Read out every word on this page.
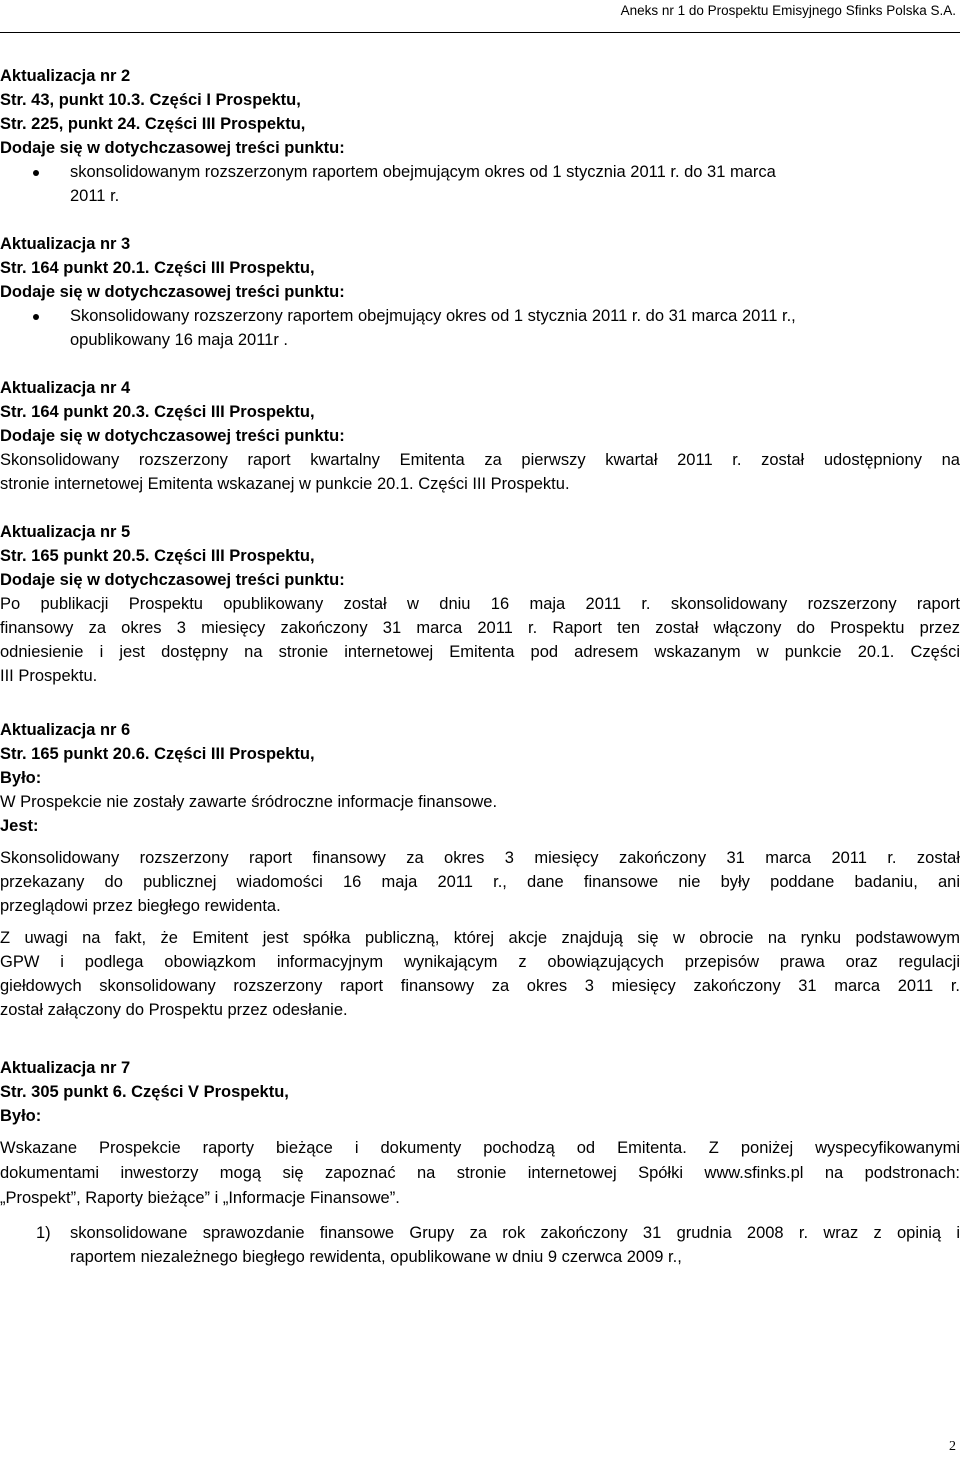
Aneks nr 1 do Prospektu Emisyjnego Sfinks Polska S.A.
Aktualizacja nr 2
Str. 43, punkt 10.3. Części I Prospektu,
Str. 225, punkt 24. Części III Prospektu,
Dodaje się w dotychczasowej treści punktu:
skonsolidowanym rozszerzonym raportem obejmującym okres od 1 stycznia 2011 r. do 31 marca
2011 r.
Aktualizacja nr 3
Str. 164 punkt 20.1. Części III Prospektu,
Dodaje się w dotychczasowej treści punktu:
Skonsolidowany rozszerzony raportem obejmujący okres od 1 stycznia 2011 r. do 31 marca 2011 r.,
opublikowany 16 maja 2011r .
Aktualizacja nr 4
Str. 164 punkt 20.3. Części III Prospektu,
Dodaje się w dotychczasowej treści punktu:
Skonsolidowany rozszerzony raport kwartalny Emitenta za pierwszy kwartał 2011 r. został udostępniony na
stronie internetowej Emitenta wskazanej w punkcie 20.1. Części III Prospektu.
Aktualizacja nr 5
Str. 165 punkt 20.5. Części III Prospektu,
Dodaje się w dotychczasowej treści punktu:
Po publikacji Prospektu opublikowany został w dniu 16 maja 2011 r. skonsolidowany rozszerzony raport
finansowy za okres 3 miesięcy zakończony 31 marca 2011 r. Raport ten został włączony do Prospektu przez
odniesienie i jest dostępny na stronie internetowej Emitenta pod adresem wskazanym w punkcie 20.1. Części
III Prospektu.
Aktualizacja nr 6
Str. 165 punkt 20.6. Części III Prospektu,
Było:
W Prospekcie nie zostały zawarte śródroczne informacje finansowe.
Jest:
Skonsolidowany rozszerzony raport finansowy za okres 3 miesięcy zakończony 31 marca 2011 r. został
przekazany do publicznej wiadomości 16 maja 2011 r., dane finansowe nie były poddane badaniu, ani
przeglądowi przez biegłego rewidenta.
Z uwagi na fakt, że Emitent jest spółka publiczną, której akcje znajdują się w obrocie na rynku podstawowym
GPW i podlega obowiązkom informacyjnym wynikającym z obowiązujących przepisów prawa oraz regulacji
giełdowych skonsolidowany rozszerzony raport finansowy za okres 3 miesięcy zakończony 31 marca 2011 r.
został załączony do Prospektu przez odesłanie.
Aktualizacja nr 7
Str. 305 punkt 6. Części V Prospektu,
Było:
Wskazane Prospekcie raporty bieżące i dokumenty pochodzą od Emitenta. Z poniżej wyspecyfikowanymi
dokumentami inwestorzy mogą się zapoznać na stronie internetowej Spółki www.sfinks.pl na podstronach:
„Prospekt”, Raporty bieżące” i „Informacje Finansowe”.
1) skonsolidowane sprawozdanie finansowe Grupy za rok zakończony 31 grudnia 2008 r. wraz z opinią i
raportem niezależnego biegłego rewidenta, opublikowane w dniu 9 czerwca 2009 r.,
2
